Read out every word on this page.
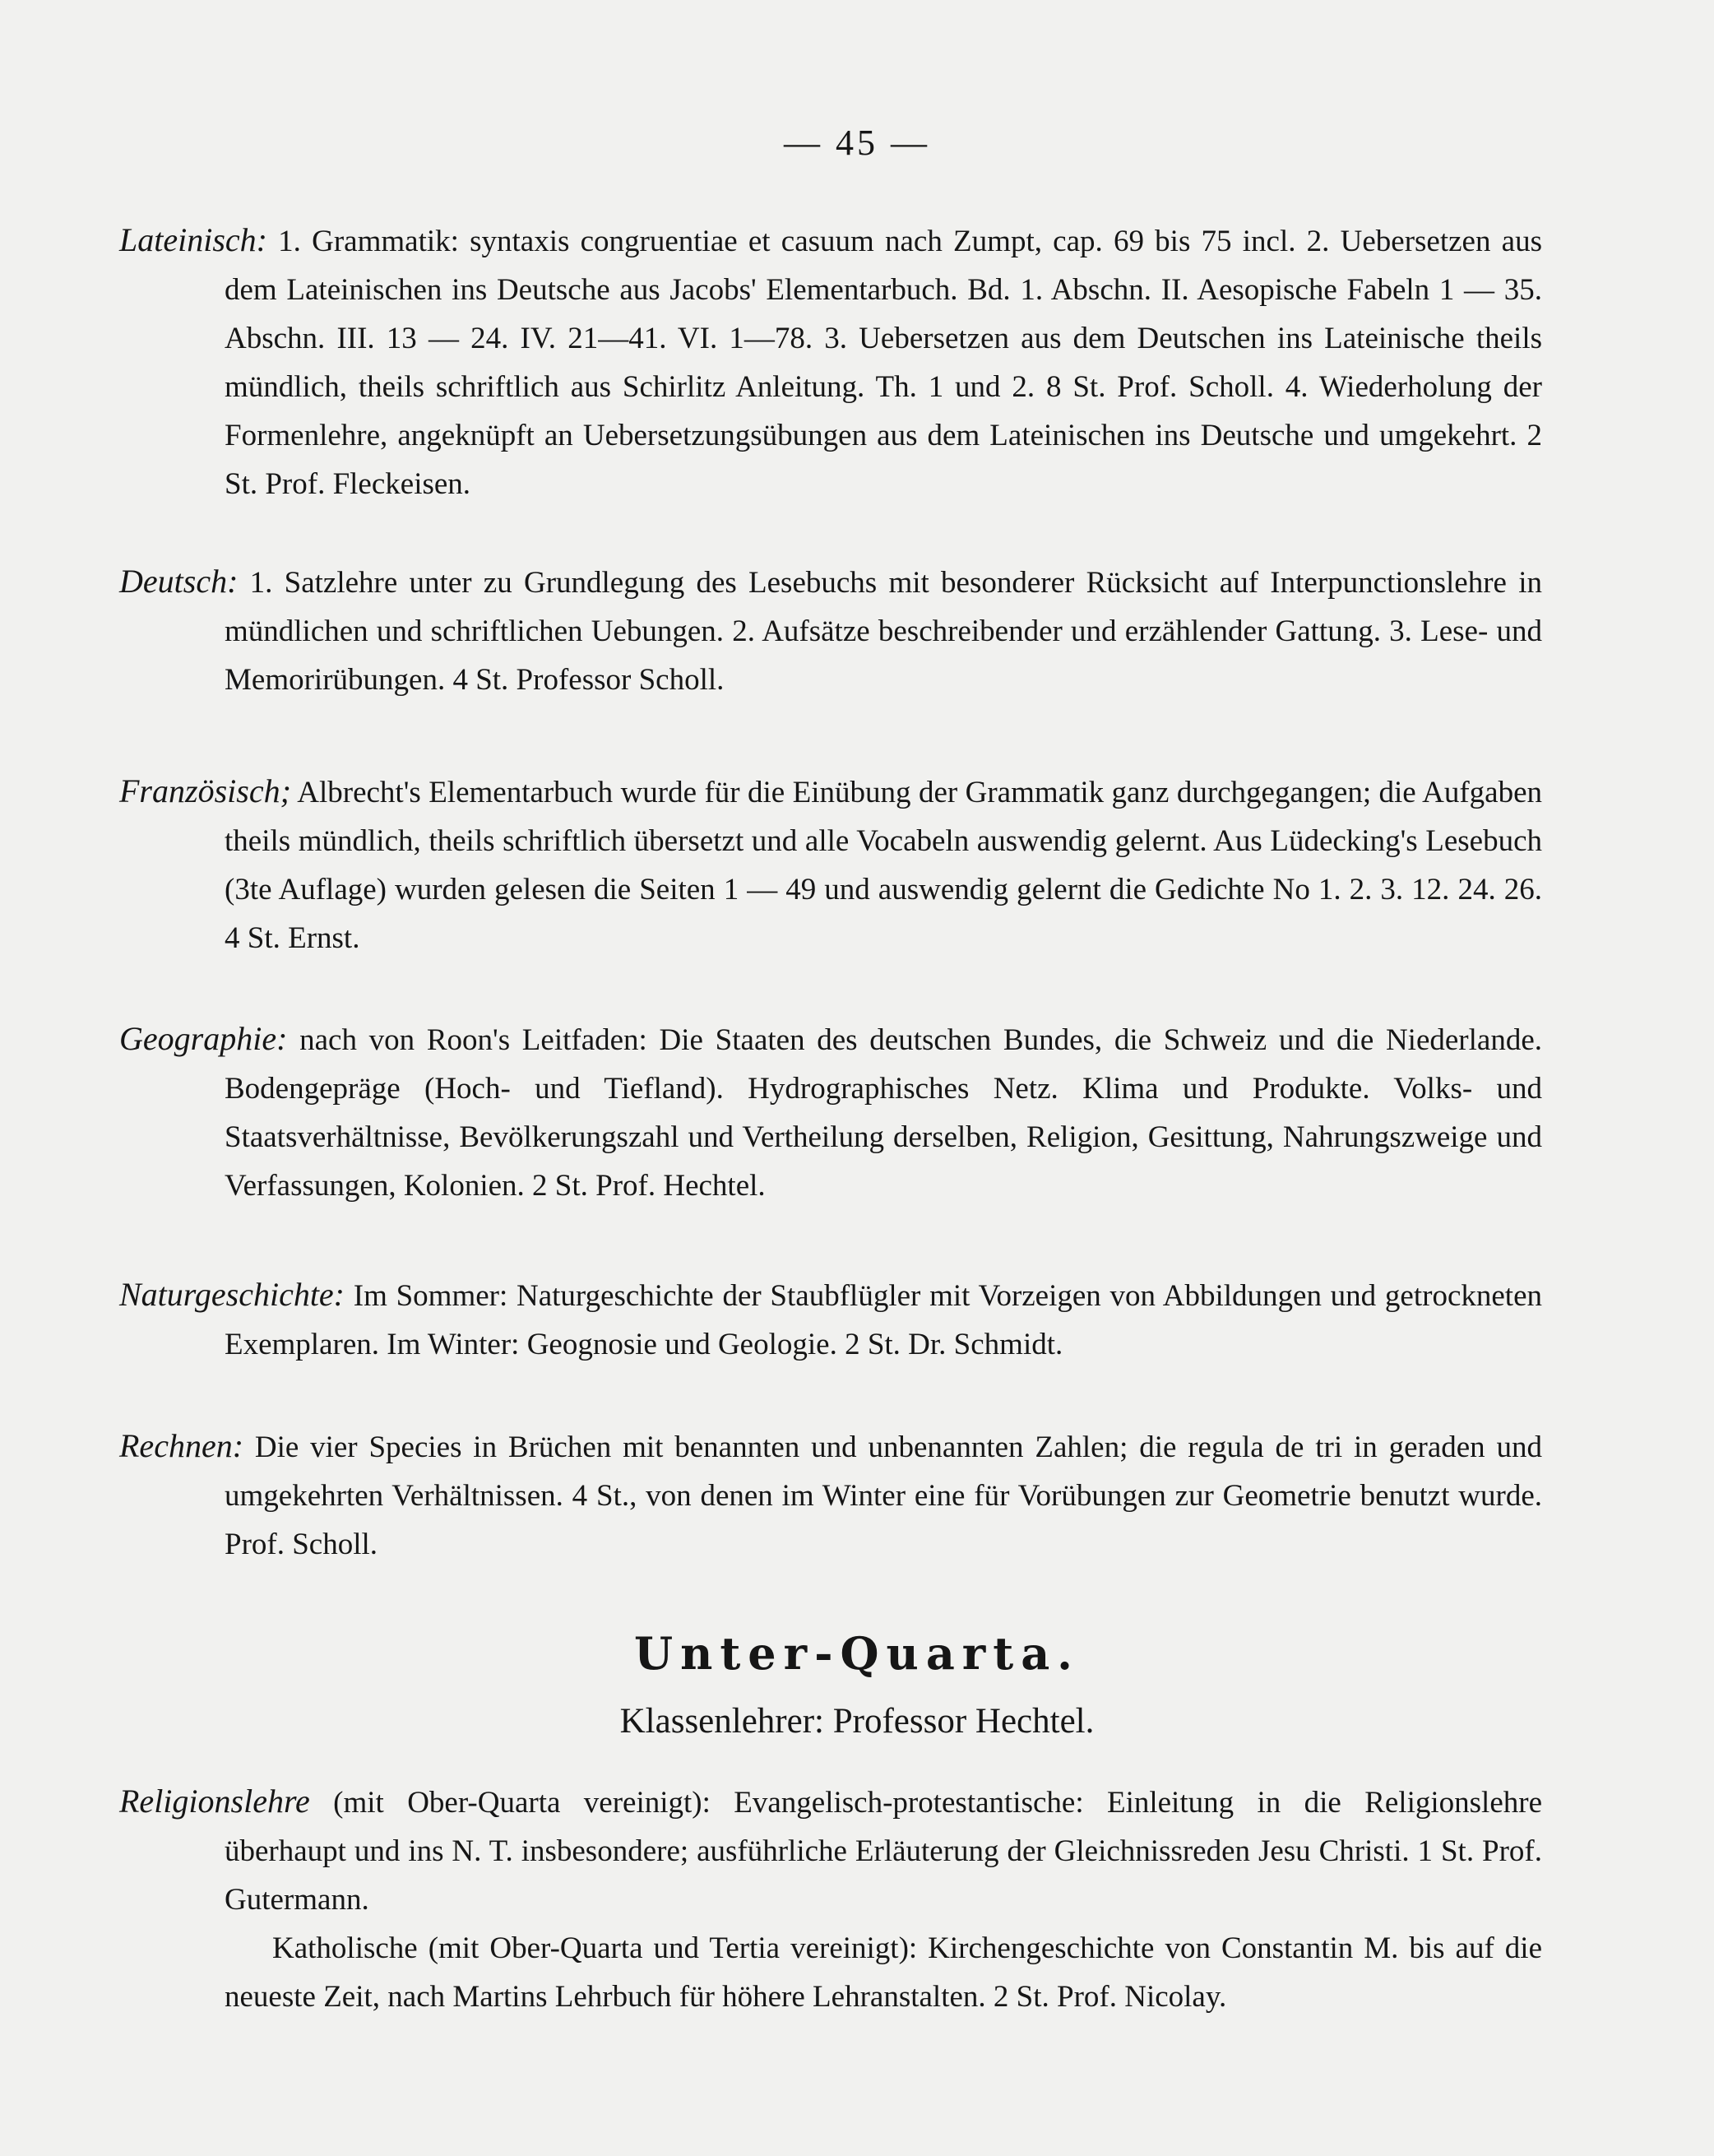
— 45 —

Lateinisch: 1. Grammatik: syntaxis congruentiae et casuum nach Zumpt, cap. 69 bis 75 incl. 2. Uebersetzen aus dem Lateinischen ins Deutsche aus Jacobs' Elementarbuch. Bd. 1. Abschn. II. Aesopische Fabeln 1 — 35. Abschn. III. 13 — 24. IV. 21—41. VI. 1—78. 3. Uebersetzen aus dem Deutschen ins Lateinische theils mündlich, theils schriftlich aus Schirlitz Anleitung. Th. 1 und 2. 8 St. Prof. Scholl. 4. Wiederholung der Formenlehre, angeknüpft an Uebersetzungsübungen aus dem Lateinischen ins Deutsche und umgekehrt. 2 St. Prof. Fleckeisen.

Deutsch: 1. Satzlehre unter zu Grundlegung des Lesebuchs mit besonderer Rücksicht auf Interpunctionslehre in mündlichen und schriftlichen Uebungen. 2. Aufsätze beschreibender und erzählender Gattung. 3. Lese- und Memorirübungen. 4 St. Professor Scholl.

Französisch; Albrecht's Elementarbuch wurde für die Einübung der Grammatik ganz durchgegangen; die Aufgaben theils mündlich, theils schriftlich übersetzt und alle Vocabeln auswendig gelernt. Aus Lüdecking's Lesebuch (3te Auflage) wurden gelesen die Seiten 1 — 49 und auswendig gelernt die Gedichte No 1. 2. 3. 12. 24. 26. 4 St. Ernst.

Geographie: nach von Roon's Leitfaden: Die Staaten des deutschen Bundes, die Schweiz und die Niederlande. Bodengepräge (Hoch- und Tiefland). Hydrographisches Netz. Klima und Produkte. Volks- und Staatsverhältnisse, Bevölkerungszahl und Vertheilung derselben, Religion, Gesittung, Nahrungszweige und Verfassungen, Kolonien. 2 St. Prof. Hechtel.

Naturgeschichte: Im Sommer: Naturgeschichte der Staubflügler mit Vorzeigen von Abbildungen und getrockneten Exemplaren. Im Winter: Geognosie und Geologie. 2 St. Dr. Schmidt.

Rechnen: Die vier Species in Brüchen mit benannten und unbenannten Zahlen; die regula de tri in geraden und umgekehrten Verhältnissen. 4 St., von denen im Winter eine für Vorübungen zur Geometrie benutzt wurde. Prof. Scholl.

Unter-Quarta.
Klassenlehrer: Professor Hechtel.

Religionslehre (mit Ober-Quarta vereinigt): Evangelisch-protestantische: Einleitung in die Religionslehre überhaupt und ins N. T. insbesondere; ausführliche Erläuterung der Gleichnissreden Jesu Christi. 1 St. Prof. Gutermann.

Katholische (mit Ober-Quarta und Tertia vereinigt): Kirchengeschichte von Constantin M. bis auf die neueste Zeit, nach Martins Lehrbuch für höhere Lehranstalten. 2 St. Prof. Nicolay.
